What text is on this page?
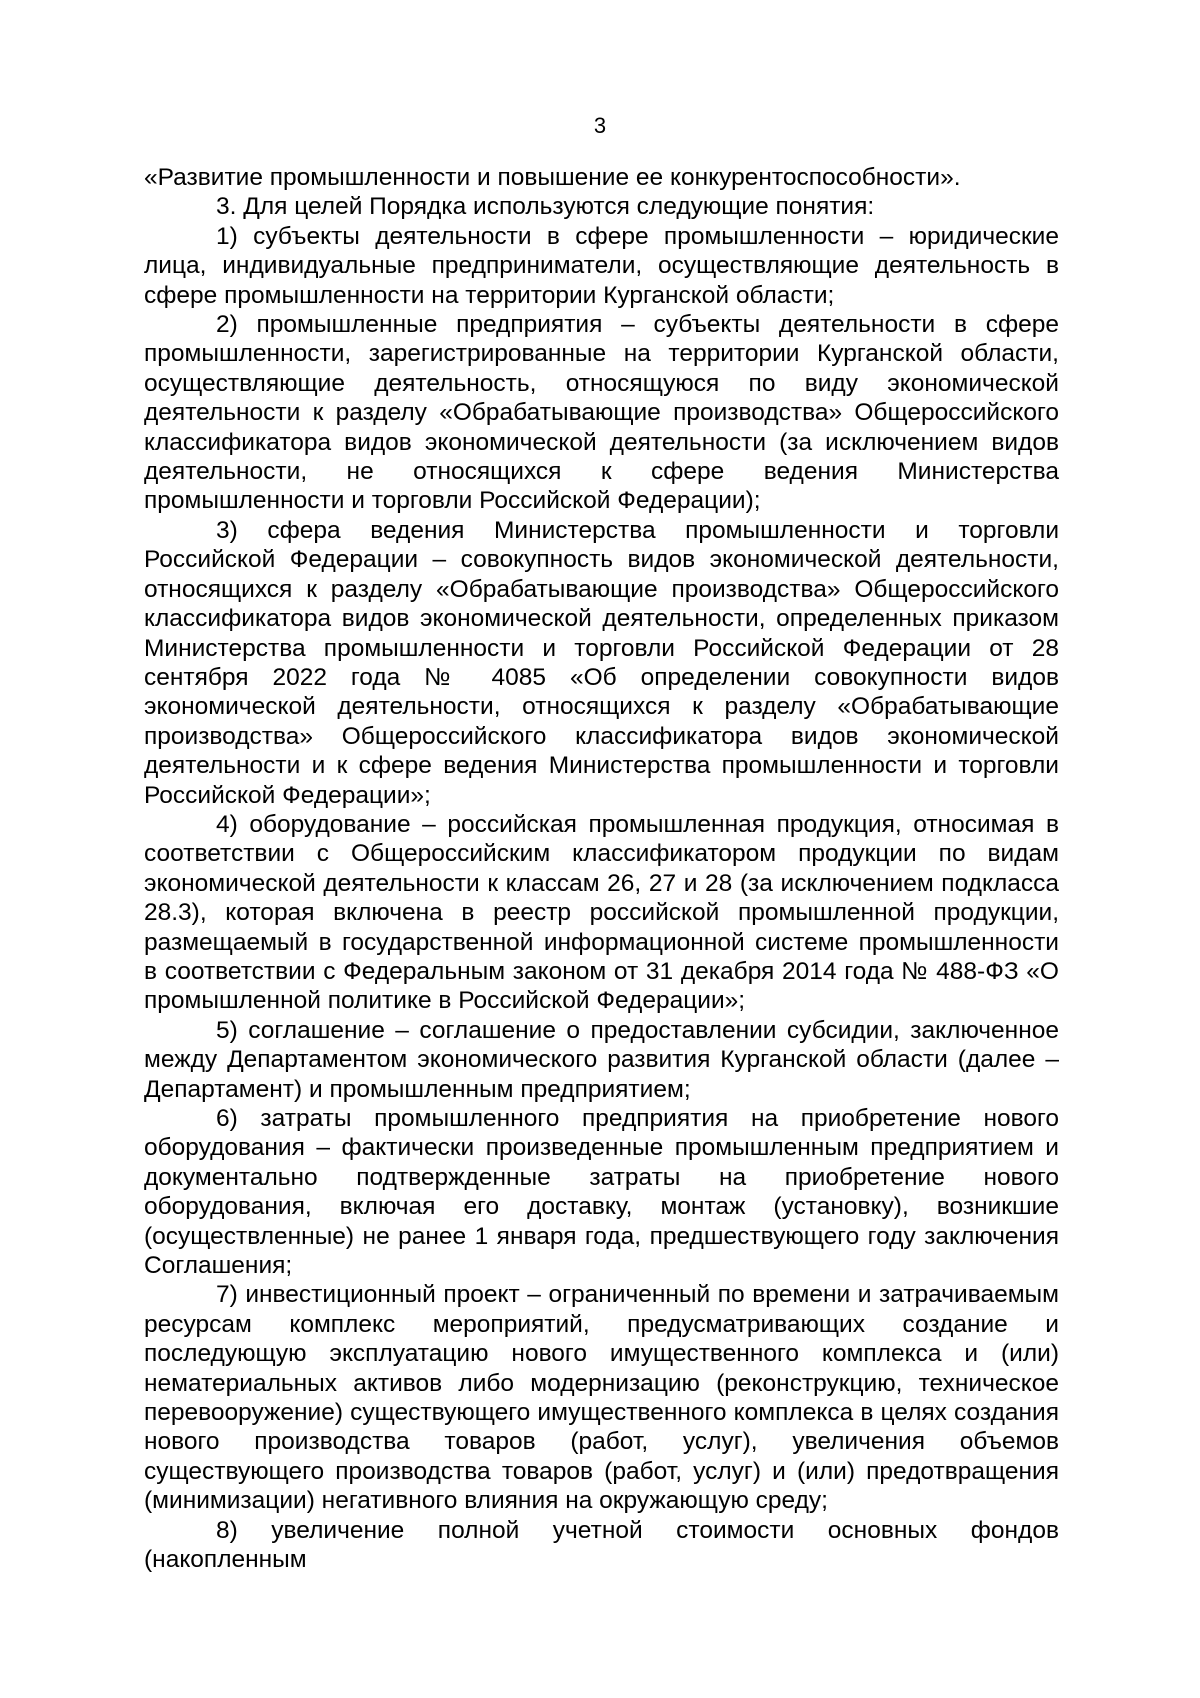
3

«Развитие промышленности и повышение ее конкурентоспособности».

3. Для целей Порядка используются следующие понятия:

1) субъекты деятельности в сфере промышленности – юридические лица, индивидуальные предприниматели, осуществляющие деятельность в сфере промышленности на территории Курганской области;

2) промышленные предприятия – субъекты деятельности в сфере промышленности, зарегистрированные на территории Курганской области, осуществляющие деятельность, относящуюся по виду экономической деятельности к разделу «Обрабатывающие производства» Общероссийского классификатора видов экономической деятельности (за исключением видов деятельности, не относящихся к сфере ведения Министерства промышленности и торговли Российской Федерации);

3) сфера ведения Министерства промышленности и торговли Российской Федерации – совокупность видов экономической деятельности, относящихся к разделу «Обрабатывающие производства» Общероссийского классификатора видов экономической деятельности, определенных приказом Министерства промышленности и торговли Российской Федерации от 28 сентября 2022 года № 4085 «Об определении совокупности видов экономической деятельности, относящихся к разделу «Обрабатывающие производства» Общероссийского классификатора видов экономической деятельности и к сфере ведения Министерства промышленности и торговли Российской Федерации»;

4) оборудование – российская промышленная продукция, относимая в соответствии с Общероссийским классификатором продукции по видам экономической деятельности к классам 26, 27 и 28 (за исключением подкласса 28.3), которая включена в реестр российской промышленной продукции, размещаемый в государственной информационной системе промышленности в соответствии с Федеральным законом от 31 декабря 2014 года № 488-ФЗ «О промышленной политике в Российской Федерации»;

5) соглашение – соглашение о предоставлении субсидии, заключенное между Департаментом экономического развития Курганской области (далее – Департамент) и промышленным предприятием;

6) затраты промышленного предприятия на приобретение нового оборудования – фактически произведенные промышленным предприятием и документально подтвержденные затраты на приобретение нового оборудования, включая его доставку, монтаж (установку), возникшие (осуществленные) не ранее 1 января года, предшествующего году заключения Соглашения;

7) инвестиционный проект – ограниченный по времени и затрачиваемым ресурсам комплекс мероприятий, предусматривающих создание и последующую эксплуатацию нового имущественного комплекса и (или) нематериальных активов либо модернизацию (реконструкцию, техническое перевооружение) существующего имущественного комплекса в целях создания нового производства товаров (работ, услуг), увеличения объемов существующего производства товаров (работ, услуг) и (или) предотвращения (минимизации) негативного влияния на окружающую среду;

8) увеличение полной учетной стоимости основных фондов (накопленным
